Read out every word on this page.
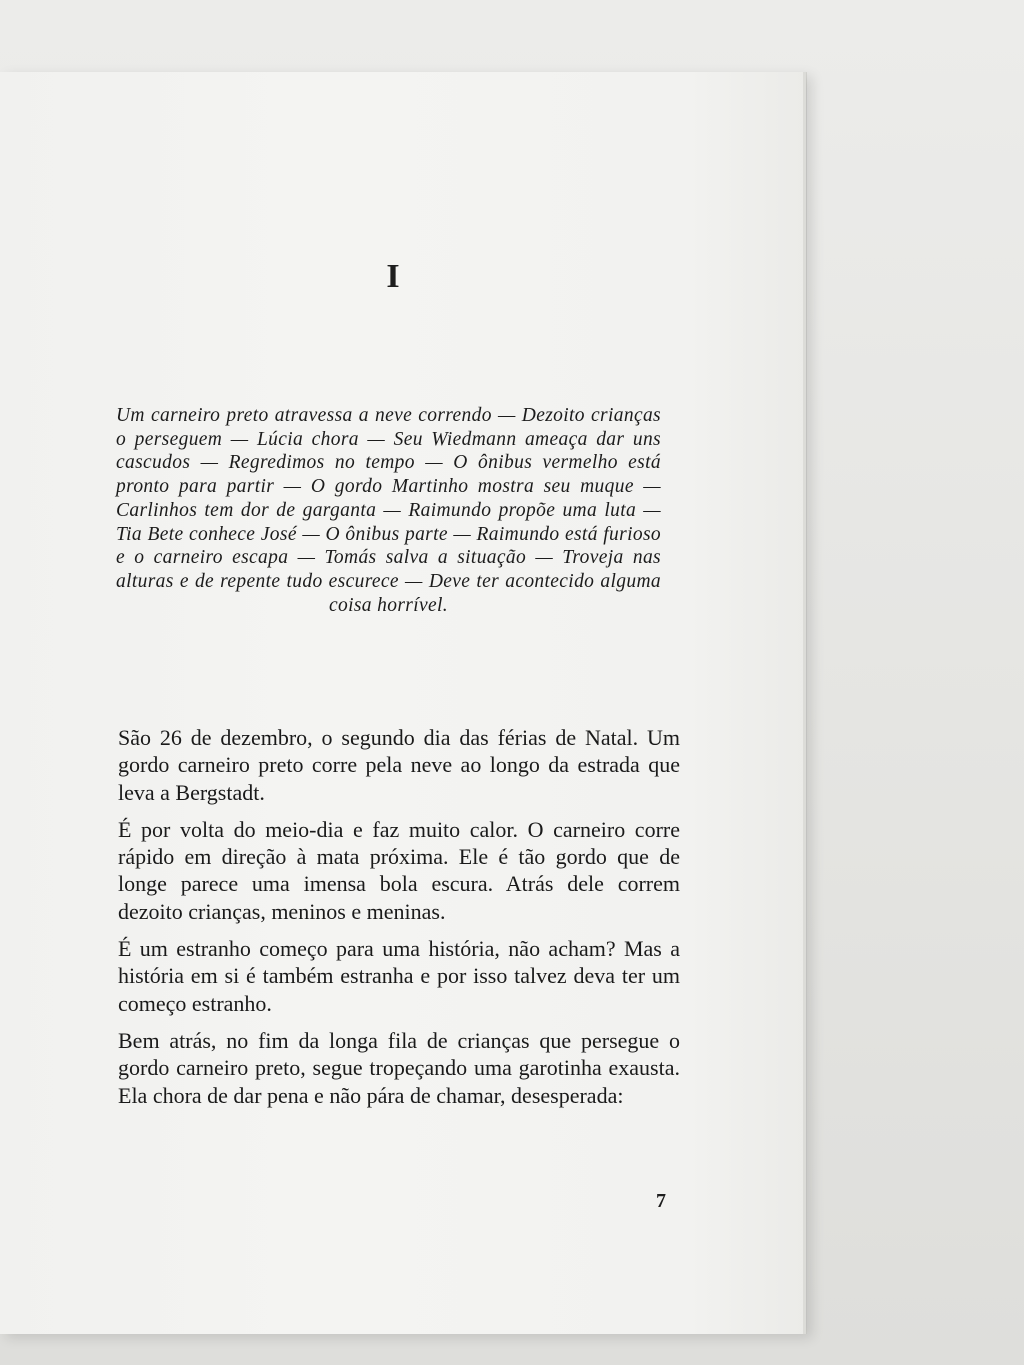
I
Um carneiro preto atravessa a neve correndo — Dezoito crianças o perseguem — Lúcia chora — Seu Wiedmann ameaça dar uns cascudos — Regredimos no tempo — O ônibus vermelho está pronto para partir — O gordo Martinho mostra seu muque — Carlinhos tem dor de garganta — Raimundo propõe uma luta — Tia Bete conhece José — O ônibus parte — Raimundo está furioso e o carneiro escapa — Tomás salva a situação — Troveja nas alturas e de repente tudo escurece — Deve ter acontecido alguma coisa horrível.

São 26 de dezembro, o segundo dia das férias de Natal. Um gordo carneiro preto corre pela neve ao longo da estrada que leva a Bergstadt.

É por volta do meio-dia e faz muito calor. O carneiro corre rápido em direção à mata próxima. Ele é tão gordo que de longe parece uma imensa bola escura. Atrás dele correm dezoito crianças, meninos e meninas.

É um estranho começo para uma história, não acham? Mas a história em si é também estranha e por isso talvez deva ter um começo estranho.

Bem atrás, no fim da longa fila de crianças que persegue o gordo carneiro preto, segue tropeçando uma garotinha exausta. Ela chora de dar pena e não pára de chamar, desesperada:

7
